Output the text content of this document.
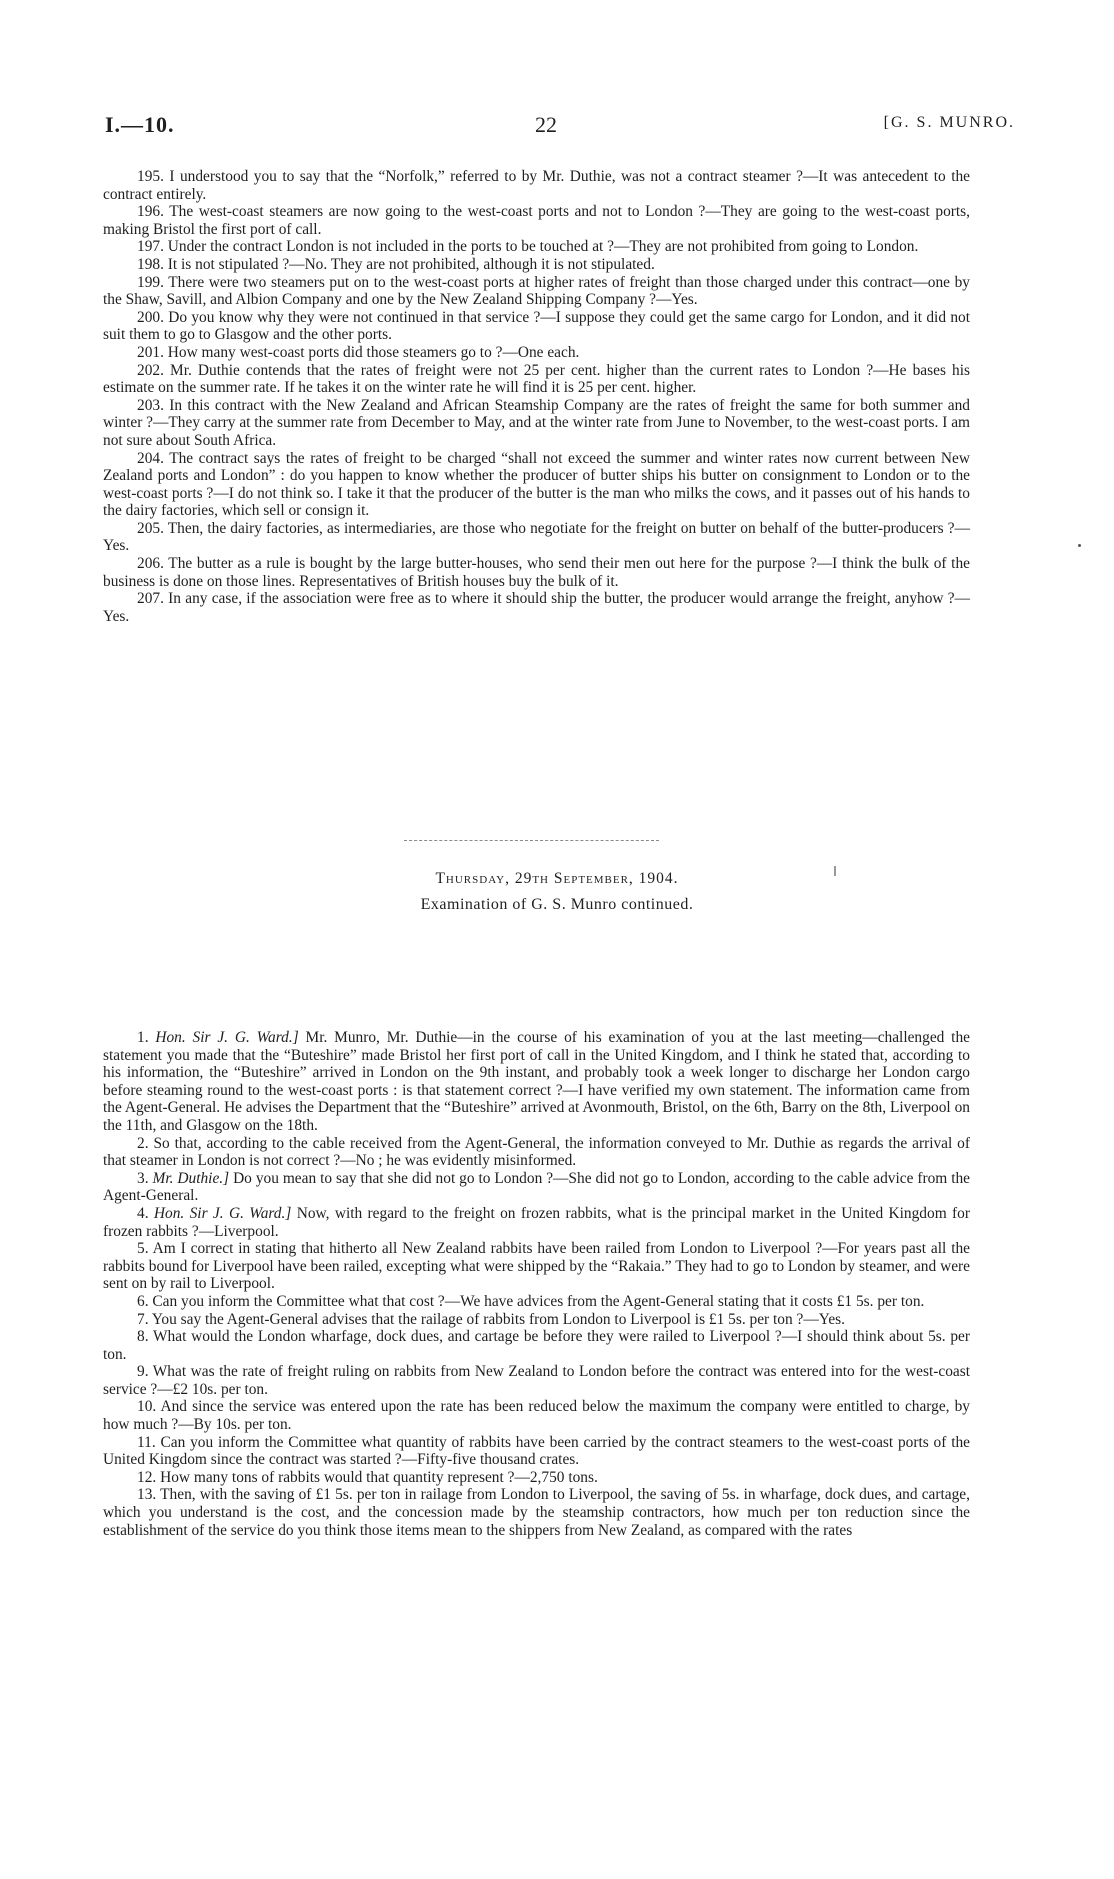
I.—10.	22	[G. S. MUNRO.

195. I understood you to say that the “Norfolk,” referred to by Mr. Duthie, was not a contract steamer ?—It was antecedent to the contract entirely.

196. The west-coast steamers are now going to the west-coast ports and not to London ?—They are going to the west-coast ports, making Bristol the first port of call.

197. Under the contract London is not included in the ports to be touched at ?—They are not prohibited from going to London.

198. It is not stipulated ?—No. They are not prohibited, although it is not stipulated.

199. There were two steamers put on to the west-coast ports at higher rates of freight than those charged under this contract—one by the Shaw, Savill, and Albion Company and one by the New Zealand Shipping Company ?—Yes.

200. Do you know why they were not continued in that service ?—I suppose they could get the same cargo for London, and it did not suit them to go to Glasgow and the other ports.

201. How many west-coast ports did those steamers go to ?—One each.

202. Mr. Duthie contends that the rates of freight were not 25 per cent. higher than the current rates to London ?—He bases his estimate on the summer rate. If he takes it on the winter rate he will find it is 25 per cent. higher.

203. In this contract with the New Zealand and African Steamship Company are the rates of freight the same for both summer and winter ?—They carry at the summer rate from December to May, and at the winter rate from June to November, to the west-coast ports. I am not sure about South Africa.

204. The contract says the rates of freight to be charged “shall not exceed the summer and winter rates now current between New Zealand ports and London” : do you happen to know whether the producer of butter ships his butter on consignment to London or to the west-coast ports ?—I do not think so. I take it that the producer of the butter is the man who milks the cows, and it passes out of his hands to the dairy factories, which sell or consign it.

205. Then, the dairy factories, as intermediaries, are those who negotiate for the freight on butter on behalf of the butter-producers ?—Yes.

206. The butter as a rule is bought by the large butter-houses, who send their men out here for the purpose ?—I think the bulk of the business is done on those lines. Representatives of British houses buy the bulk of it.

207. In any case, if the association were free as to where it should ship the butter, the producer would arrange the freight, anyhow ?—Yes.

Thursday, 29th September, 1904.
Examination of G. S. Munro continued.

1. Hon. Sir J. G. Ward.] Mr. Munro, Mr. Duthie—in the course of his examination of you at the last meeting—challenged the statement you made that the “Buteshire” made Bristol her first port of call in the United Kingdom, and I think he stated that, according to his information, the “Buteshire” arrived in London on the 9th instant, and probably took a week longer to discharge her London cargo before steaming round to the west-coast ports : is that statement correct ?—I have verified my own statement. The information came from the Agent-General. He advises the Department that the “Buteshire” arrived at Avonmouth, Bristol, on the 6th, Barry on the 8th, Liverpool on the 11th, and Glasgow on the 18th.

2. So that, according to the cable received from the Agent-General, the information conveyed to Mr. Duthie as regards the arrival of that steamer in London is not correct ?—No ; he was evidently misinformed.

3. Mr. Duthie.] Do you mean to say that she did not go to London ?—She did not go to London, according to the cable advice from the Agent-General.

4. Hon. Sir J. G. Ward.] Now, with regard to the freight on frozen rabbits, what is the principal market in the United Kingdom for frozen rabbits ?—Liverpool.

5. Am I correct in stating that hitherto all New Zealand rabbits have been railed from London to Liverpool ?—For years past all the rabbits bound for Liverpool have been railed, excepting what were shipped by the “Rakaia.” They had to go to London by steamer, and were sent on by rail to Liverpool.

6. Can you inform the Committee what that cost ?—We have advices from the Agent-General stating that it costs £1 5s. per ton.

7. You say the Agent-General advises that the railage of rabbits from London to Liverpool is £1 5s. per ton ?—Yes.

8. What would the London wharfage, dock dues, and cartage be before they were railed to Liverpool ?—I should think about 5s. per ton.

9. What was the rate of freight ruling on rabbits from New Zealand to London before the contract was entered into for the west-coast service ?—£2 10s. per ton.

10. And since the service was entered upon the rate has been reduced below the maximum the company were entitled to charge, by how much ?—By 10s. per ton.

11. Can you inform the Committee what quantity of rabbits have been carried by the contract steamers to the west-coast ports of the United Kingdom since the contract was started ?—Fifty-five thousand crates.

12. How many tons of rabbits would that quantity represent ?—2,750 tons.

13. Then, with the saving of £1 5s. per ton in railage from London to Liverpool, the saving of 5s. in wharfage, dock dues, and cartage, which you understand is the cost, and the concession made by the steamship contractors, how much per ton reduction since the establishment of the service do you think those items mean to the shippers from New Zealand, as compared with the rates
